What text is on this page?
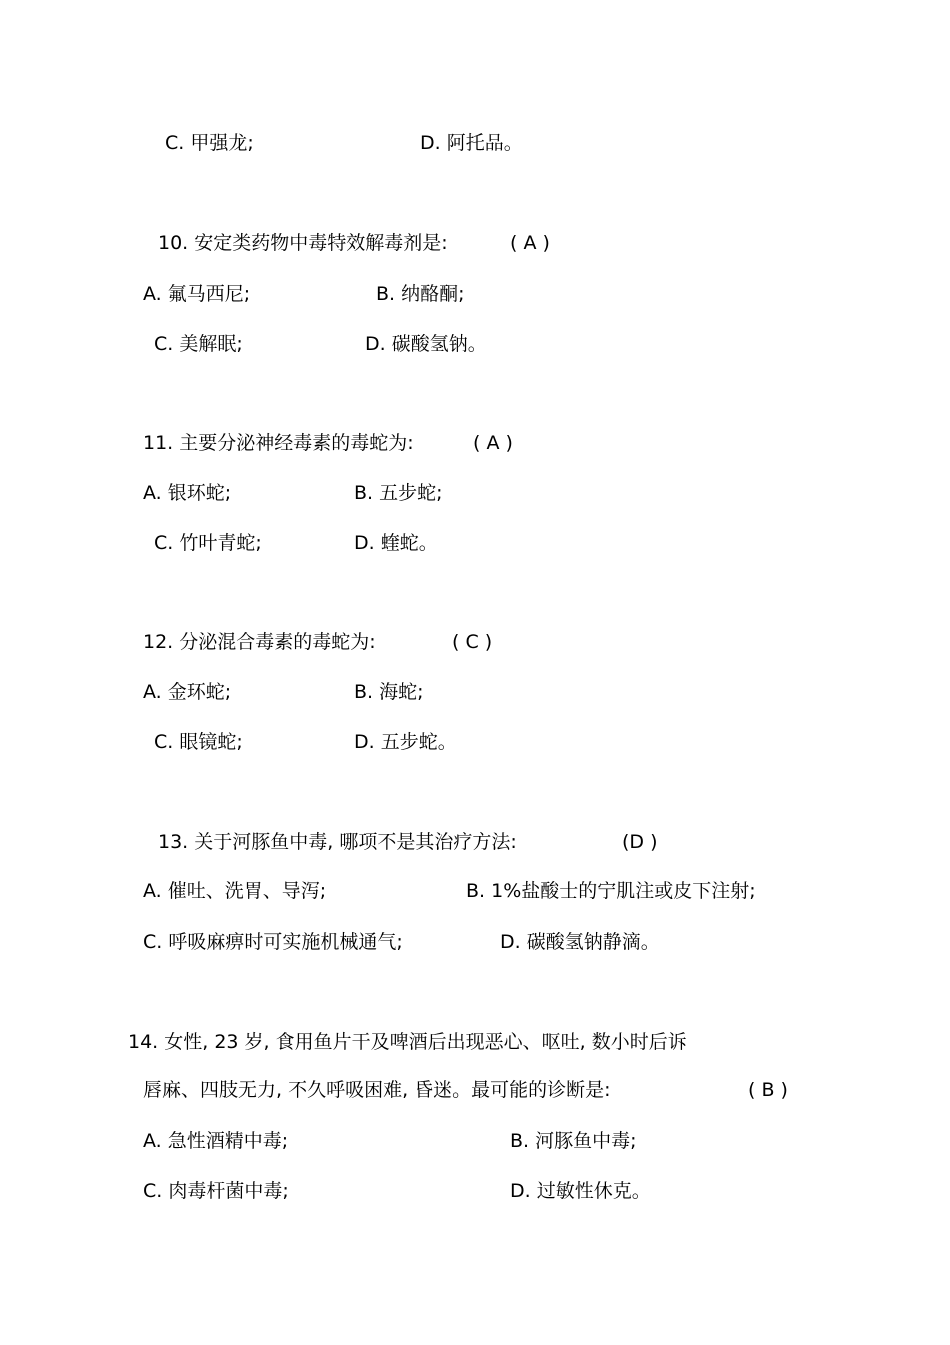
C. 甲强龙;	D. 阿托品。
10. 安定类药物中毒特效解毒剂是:	( A )
A. 氟马西尼;	B. 纳酪酮;
C. 美解眠;	D. 碳酸氢钠。
11. 主要分泌神经毒素的毒蛇为:	( A )
A. 银环蛇;	B. 五步蛇;
C. 竹叶青蛇;	D. 蝰蛇。
12. 分泌混合毒素的毒蛇为:	( C )
A. 金环蛇;	B. 海蛇;
C. 眼镜蛇;	D. 五步蛇。
13. 关于河豚鱼中毒, 哪项不是其治疗方法:	(D )
A. 催吐、洗胃、导泻;	B. 1%盐酸士的宁肌注或皮下注射;
C. 呼吸麻痹时可实施机械通气;	D. 碳酸氢钠静滴。
14. 女性, 23 岁, 食用鱼片干及啤酒后出现恶心、呕吐, 数小时后诉
唇麻、四肢无力, 不久呼吸困难, 昏迷。最可能的诊断是:	( B )
A. 急性酒精中毒;	B. 河豚鱼中毒;
C. 肉毒杆菌中毒;	D. 过敏性休克。
